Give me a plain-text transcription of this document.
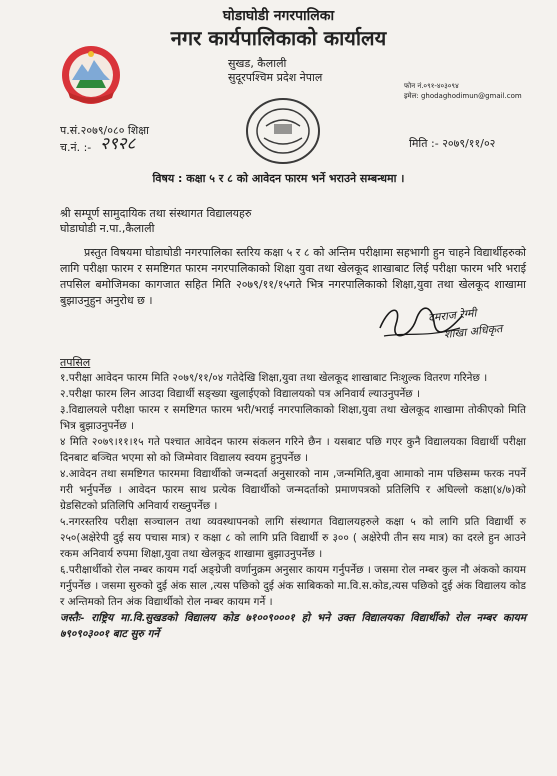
घोडाघोडी नगरपालिका
नगर कार्यपालिकाको कार्यालय
सुखड, कैलाली
सुदूरपश्चिम प्रदेश नेपाल
फोन नं.०९१-४०३०९४
इमेल: ghodaghodimun@gmail.com
प.सं.२०७९/०८० शिक्षा
च.नं. :- २९२८	मिति :- २०७९/११/०२
विषय : कक्षा ५ र ८ को आवेदन फारम भर्ने भराउने सम्बन्धमा ।
श्री सम्पूर्ण सामुदायिक तथा संस्थागत विद्यालयहरु
घोडाघोडी न.पा.,कैलाली
प्रस्तुत विषयमा घोडाघोडी नगरपालिका स्तरिय कक्षा ५ र ८ को अन्तिम परीक्षामा सहभागी हुन चाहने विद्यार्थीहरुको लागि परीक्षा फारम र समष्टिगत फारम नगरपालिकाको शिक्षा युवा तथा खेलकूद शाखाबाट लिई परीक्षा फारम भरि भराई तपसिल बमोजिमका कागजात सहित मिति २०७९/११/१५गते भित्र नगरपालिकाको शिक्षा,युवा तथा खेलकूद शाखामा बुझाउनुहुन अनुरोध छ ।
दमराज रेग्मी
शाखा अधिकृत
तपसिल
१.परीक्षा आवेदन फारम मिति २०७९/११/०४ गतेदेखि शिक्षा,युवा तथा खेलकूद शाखाबाट निःशुल्क वितरण गरिनेछ ।
२.परीक्षा फारम लिन आउदा विद्यार्थी सङ्ख्या खुलाईएको विद्यालयको पत्र अनिवार्य ल्याउनुपर्नेछ ।
३.विद्यालयले परीक्षा फारम र समष्टिगत फारम भरी/भराई नगरपालिकाको शिक्षा,युवा तथा खेलकूद शाखामा तोकीएको मिति भित्र बुझाउनुपर्नेछ ।
४ मिति २०७९।११।१५ गते पश्चात आवेदन फारम संकलन गरिने छैन । यसबाट पछि गएर कुनै विद्यालयका विद्यार्थी परीक्षा दिनबाट बञ्चित भएमा सो को जिम्मेवार विद्यालय स्वयम हुनुपर्नेछ ।
४.आवेदन तथा समष्टिगत फारममा विद्यार्थीको जन्मदर्ता अनुसारको नाम ,जन्ममिति,बुवा आमाको नाम पछिसम्म फरक नपर्ने गरी भर्नुपर्नेछ । आवेदन फारम साथ प्रत्येक विद्यार्थीको जन्मदर्ताको प्रमाणपत्रको प्रतिलिपि र अघिल्लो कक्षा(४/७)को ग्रेडसिटको प्रतिलिपि अनिवार्य राख्नुपर्नेछ ।
५.नगरस्तरिय परीक्षा सञ्चालन तथा व्यवस्थापनको लागि संस्थागत विद्यालयहरुले कक्षा ५ को लागि प्रति विद्यार्थी रु २५०(अक्षेरेपी दुई सय पचास मात्र) र कक्षा ८ को लागि प्रति विद्यार्थी रु ३०० ( अक्षेरेपी तीन सय मात्र) का दरले हुन आउने रकम अनिवार्य रुपमा शिक्षा,युवा तथा खेलकूद शाखामा बुझाउनुपर्नेछ ।
६.परीक्षार्थीको रोल नम्बर कायम गर्दा अङ्ग्रेजी वर्णानुक्रम अनुसार कायम गर्नुपर्नेछ । जसमा रोल नम्बर कुल नौ अंकको कायम गर्नुपर्नेछ । जसमा सुरुको दुई अंक साल ,त्यस पछिको दुई अंक साबिकको मा.वि.स.कोड,त्यस पछिको दुई अंक विद्यालय कोड र अन्तिमको तिन अंक विद्यार्थीको रोल नम्बर कायम गर्ने ।
जस्तैः- राष्ट्रिय मा.वि.सुखडको विद्यालय कोड ७१००९०००१ हो भने उक्त विद्यालयका विद्यार्थीको रोल नम्बर कायम ७९०९०३००१ बाट सुरु गर्ने
